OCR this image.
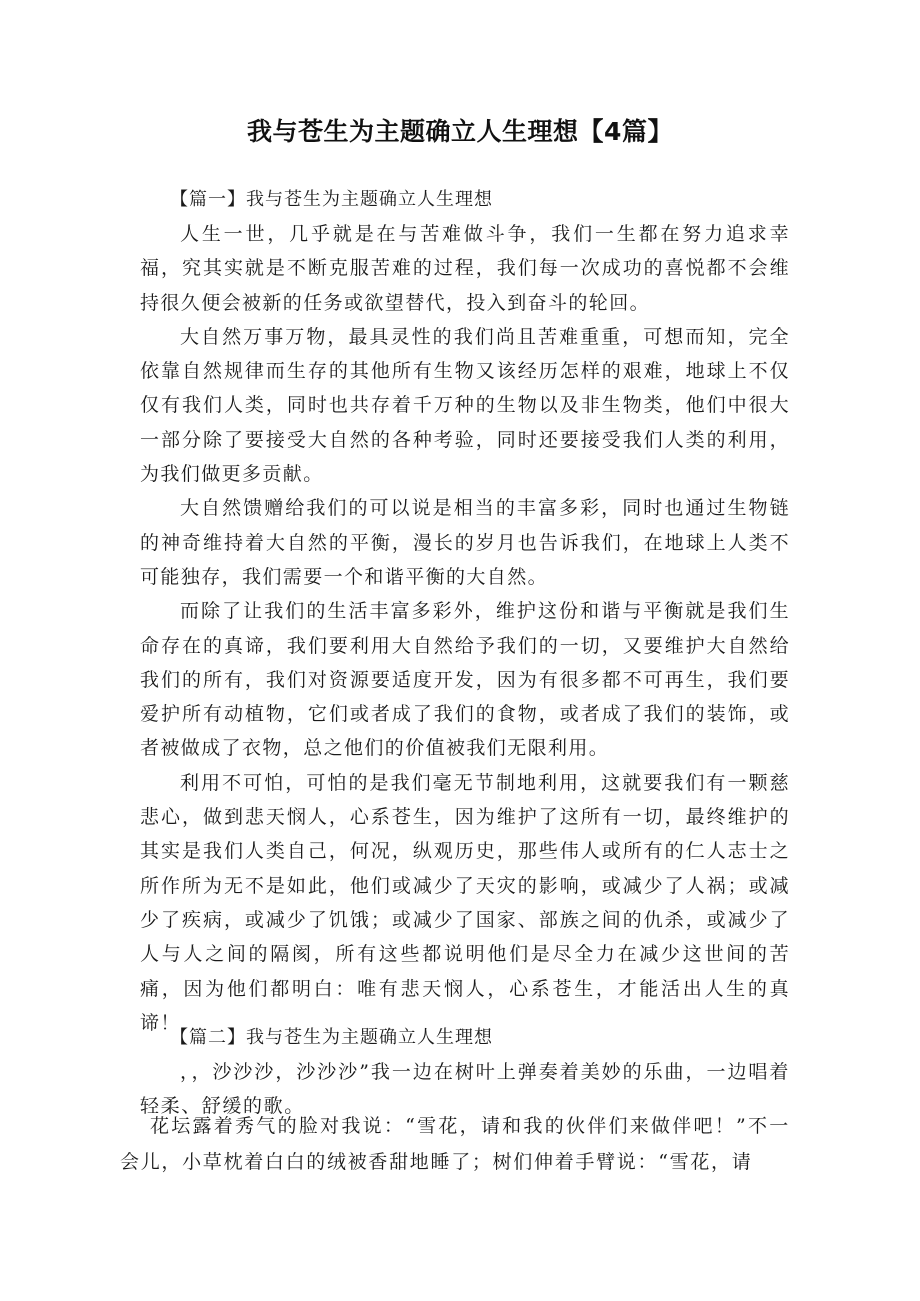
我与苍生为主题确立人生理想【4篇】
【篇一】我与苍生为主题确立人生理想

人生一世，几乎就是在与苦难做斗争，我们一生都在努力追求幸福，究其实就是不断克服苦难的过程，我们每一次成功的喜悦都不会维持很久便会被新的任务或欲望替代，投入到奋斗的轮回。

大自然万事万物，最具灵性的我们尚且苦难重重，可想而知，完全依靠自然规律而生存的其他所有生物又该经历怎样的艰难，地球上不仅仅有我们人类，同时也共存着千万种的生物以及非生物类，他们中很大一部分除了要接受大自然的各种考验，同时还要接受我们人类的利用，为我们做更多贡献。

大自然馈赠给我们的可以说是相当的丰富多彩，同时也通过生物链的神奇维持着大自然的平衡，漫长的岁月也告诉我们，在地球上人类不可能独存，我们需要一个和谐平衡的大自然。

而除了让我们的生活丰富多彩外，维护这份和谐与平衡就是我们生命存在的真谛，我们要利用大自然给予我们的一切，又要维护大自然给我们的所有，我们对资源要适度开发，因为有很多都不可再生，我们要爱护所有动植物，它们或者成了我们的食物，或者成了我们的装饰，或者被做成了衣物，总之他们的价值被我们无限利用。

利用不可怕，可怕的是我们毫无节制地利用，这就要我们有一颗慈悲心，做到悲天悯人，心系苍生，因为维护了这所有一切，最终维护的其实是我们人类自己，何况，纵观历史，那些伟人或所有的仁人志士之所作所为无不是如此，他们或减少了天灾的影响，或减少了人祸；或减少了疾病，或减少了饥饿；或减少了国家、部族之间的仇杀，或减少了人与人之间的隔阂，所有这些都说明他们是尽全力在减少这世间的苦痛，因为他们都明白：唯有悲天悯人，心系苍生，才能活出人生的真谛！

【篇二】我与苍生为主题确立人生理想

，，沙沙沙，沙沙沙”我一边在树叶上弹奏着美妙的乐曲，一边唱着轻柔、舒缓的歌。

花坛露着秀气的脸对我说：“雪花，请和我的伙伴们来做伴吧！”不一会儿，小草枕着白白的绒被香甜地睡了；树们伸着手臂说：“雪花，请
